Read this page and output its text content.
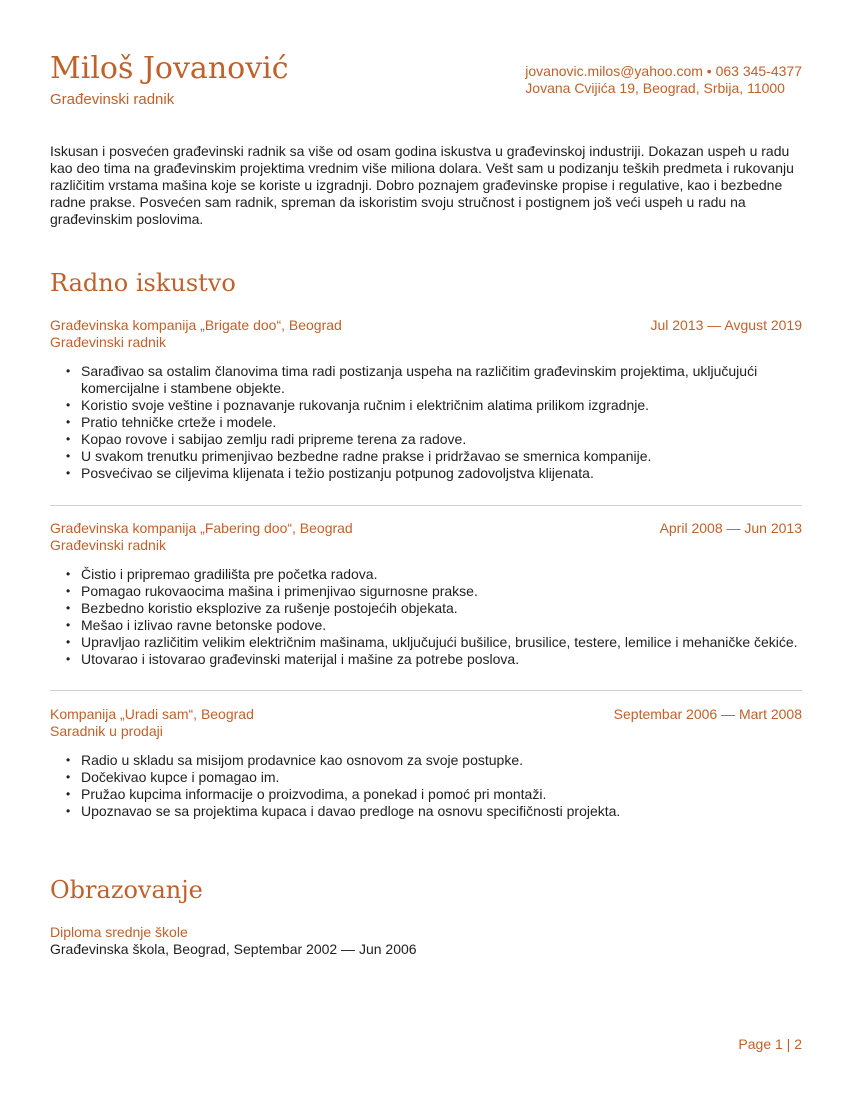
Miloš Jovanović
Građevinski radnik
jovanovic.milos@yahoo.com • 063 345-4377
Jovana Cvijića 19, Beograd, Srbija, 11000
Iskusan i posvećen građevinski radnik sa više od osam godina iskustva u građevinskoj industriji. Dokazan uspeh u radu kao deo tima na građevinskim projektima vrednim više miliona dolara. Vešt sam u podizanju teških predmeta i rukovanju različitim vrstama mašina koje se koriste u izgradnji. Dobro poznajem građevinske propise i regulative, kao i bezbedne radne prakse. Posvećen sam radnik, spreman da iskoristim svoju stručnost i postignem još veći uspeh u radu na građevinskim poslovima.
Radno iskustvo
Građevinska kompanija „Brigate doo“, Beograd	Jul 2013 — Avgust 2019
Građevinski radnik
• Sarađivao sa ostalim članovima tima radi postizanja uspeha na različitim građevinskim projektima, uključujući komercijalne i stambene objekte.
• Koristio svoje veštine i poznavanje rukovanja ručnim i električnim alatima prilikom izgradnje.
• Pratio tehničke crteže i modele.
• Kopao rovove i sabijao zemlju radi pripreme terena za radove.
• U svakom trenutku primenjivao bezbedne radne prakse i pridržavao se smernica kompanije.
• Posvećivao se ciljevima klijenata i težio postizanju potpunog zadovoljstva klijenata.
Građevinska kompanija „Fabering doo“, Beograd	April 2008 — Jun 2013
Građevinski radnik
• Čistio i pripremao gradilišta pre početka radova.
• Pomagao rukovaocima mašina i primenjivao sigurnosne prakse.
• Bezbedno koristio eksplozive za rušenje postojećih objekata.
• Mešao i izlivao ravne betonske podove.
• Upravljao različitim velikim električnim mašinama, uključujući bušilice, brusilice, testere, lemilice i mehaničke čekiće.
• Utovarao i istovarao građevinski materijal i mašine za potrebe poslova.
Kompanija „Uradi sam“, Beograd	Septembar 2006 — Mart 2008
Saradnik u prodaji
• Radio u skladu sa misijom prodavnice kao osnovom za svoje postupke.
• Dočekivao kupce i pomagao im.
• Pružao kupcima informacije o proizvodima, a ponekad i pomoć pri montaži.
• Upoznavao se sa projektima kupaca i davao predloge na osnovu specifičnosti projekta.
Obrazovanje
Diploma srednje škole
Građevinska škola, Beograd, Septembar 2002 — Jun 2006
Page 1 | 2
